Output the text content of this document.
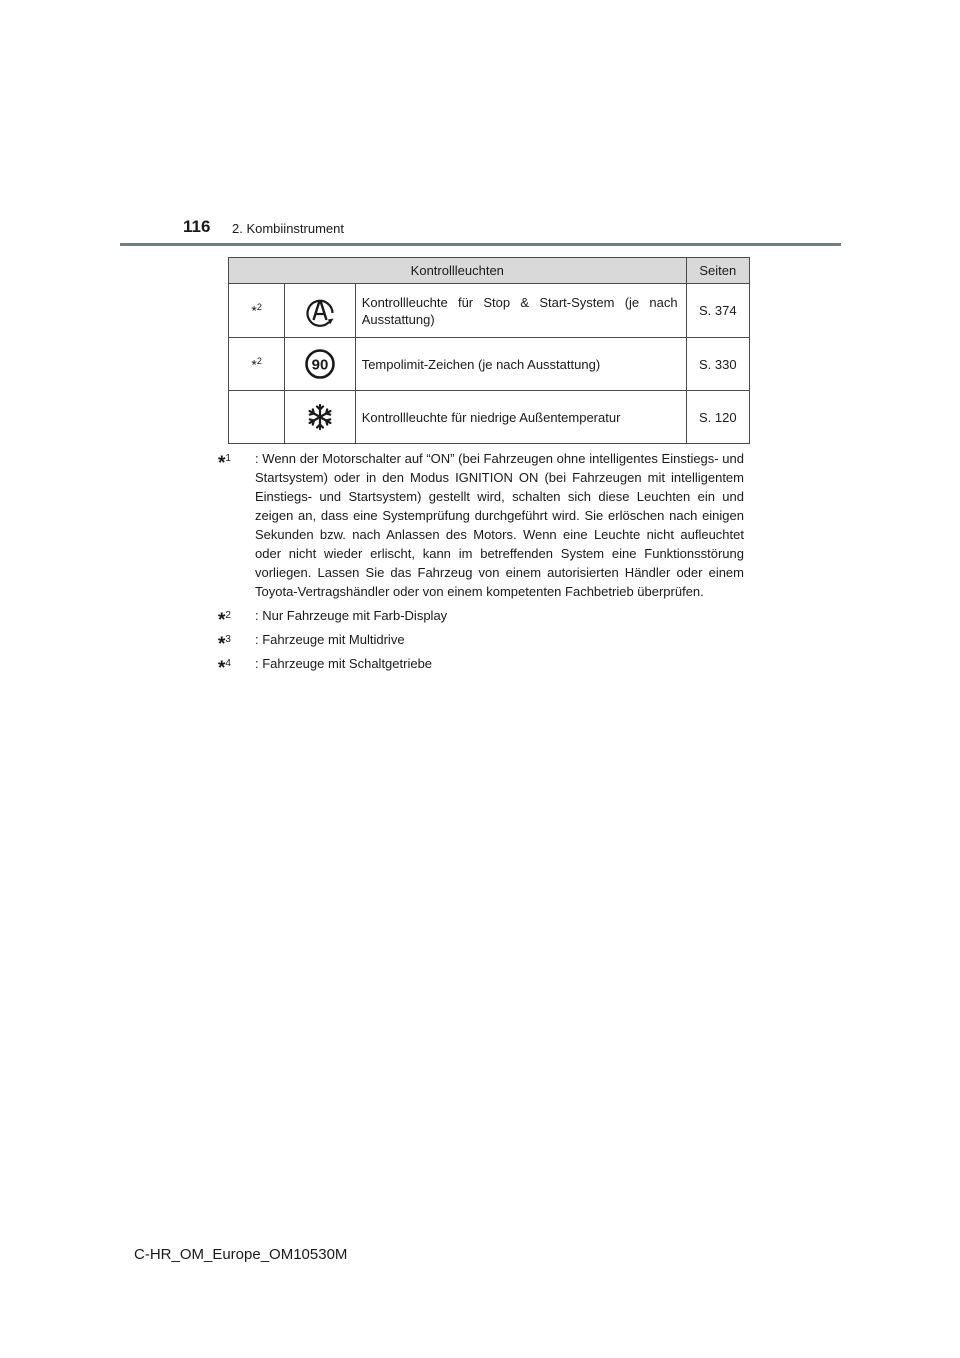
116 2. Kombiinstrument
Kontrollleuchten			Seiten
*$^2$		Kontrollleuchte für Stop & Start-System (je nach Ausstattung)	S. 374
*$^2$	90	Tempolimit-Zeichen (je nach Ausstattung)	S. 330

	Kontrollleuchte für niedrige Außentemperatur	S. 120
*$^1$	: Wenn der Motorschalter auf “ON” (bei Fahrzeugen ohne intelligentes Einstiegs- und Startsystem) oder in den Modus IGNITION ON (bei Fahrzeugen mit intelligentem Einstiegs- und Startsystem) gestellt wird, schalten sich diese Leuchten ein und zeigen an, dass eine Systemprüfung durchgeführt wird. Sie erlöschen nach einigen Sekunden bzw. nach Anlassen des Motors. Wenn eine Leuchte nicht aufleuchtet oder nicht wieder erlischt, kann im betreffenden System eine Funktionsstörung vorliegen. Lassen Sie das Fahrzeug von einem autorisierten Händler oder einem Toyota-Vertragshändler oder von einem kompetenten Fachbetrieb überprüfen.
*$^2$	: Nur Fahrzeuge mit Farb-Display
*$^3$	: Fahrzeuge mit Multidrive
*$^4$	: Fahrzeuge mit Schaltgetriebe
C-HR_OM_Europe_OM10530M
